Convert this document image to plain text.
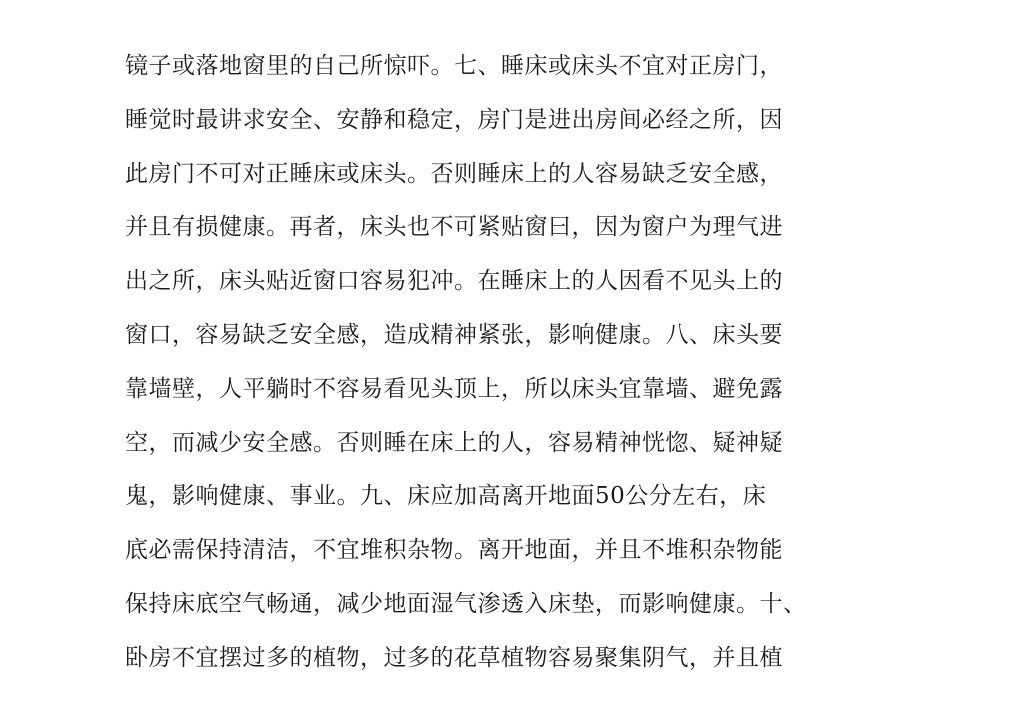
镜子或落地窗里的自己所惊吓。七、睡床或床头不宜对正房门，
睡觉时最讲求安全、安静和稳定，房门是进出房间必经之所，因
此房门不可对正睡床或床头。否则睡床上的人容易缺乏安全感，
并且有损健康。再者，床头也不可紧贴窗曰，因为窗户为理气进
出之所，床头贴近窗口容易犯冲。在睡床上的人因看不见头上的
窗口，容易缺乏安全感，造成精神紧张，影响健康。八、床头要
靠墙壁，人平躺时不容易看见头顶上，所以床头宜靠墙、避免露
空，而减少安全感。否则睡在床上的人，容易精神恍惚、疑神疑
鬼，影响健康、事业。九、床应加高离开地面50公分左右，床
底必需保持清洁，不宜堆积杂物。离开地面，并且不堆积杂物能
保持床底空气畅通，减少地面湿气渗透入床垫，而影响健康。十、
卧房不宜摆过多的植物，过多的花草植物容易聚集阴气，并且植
